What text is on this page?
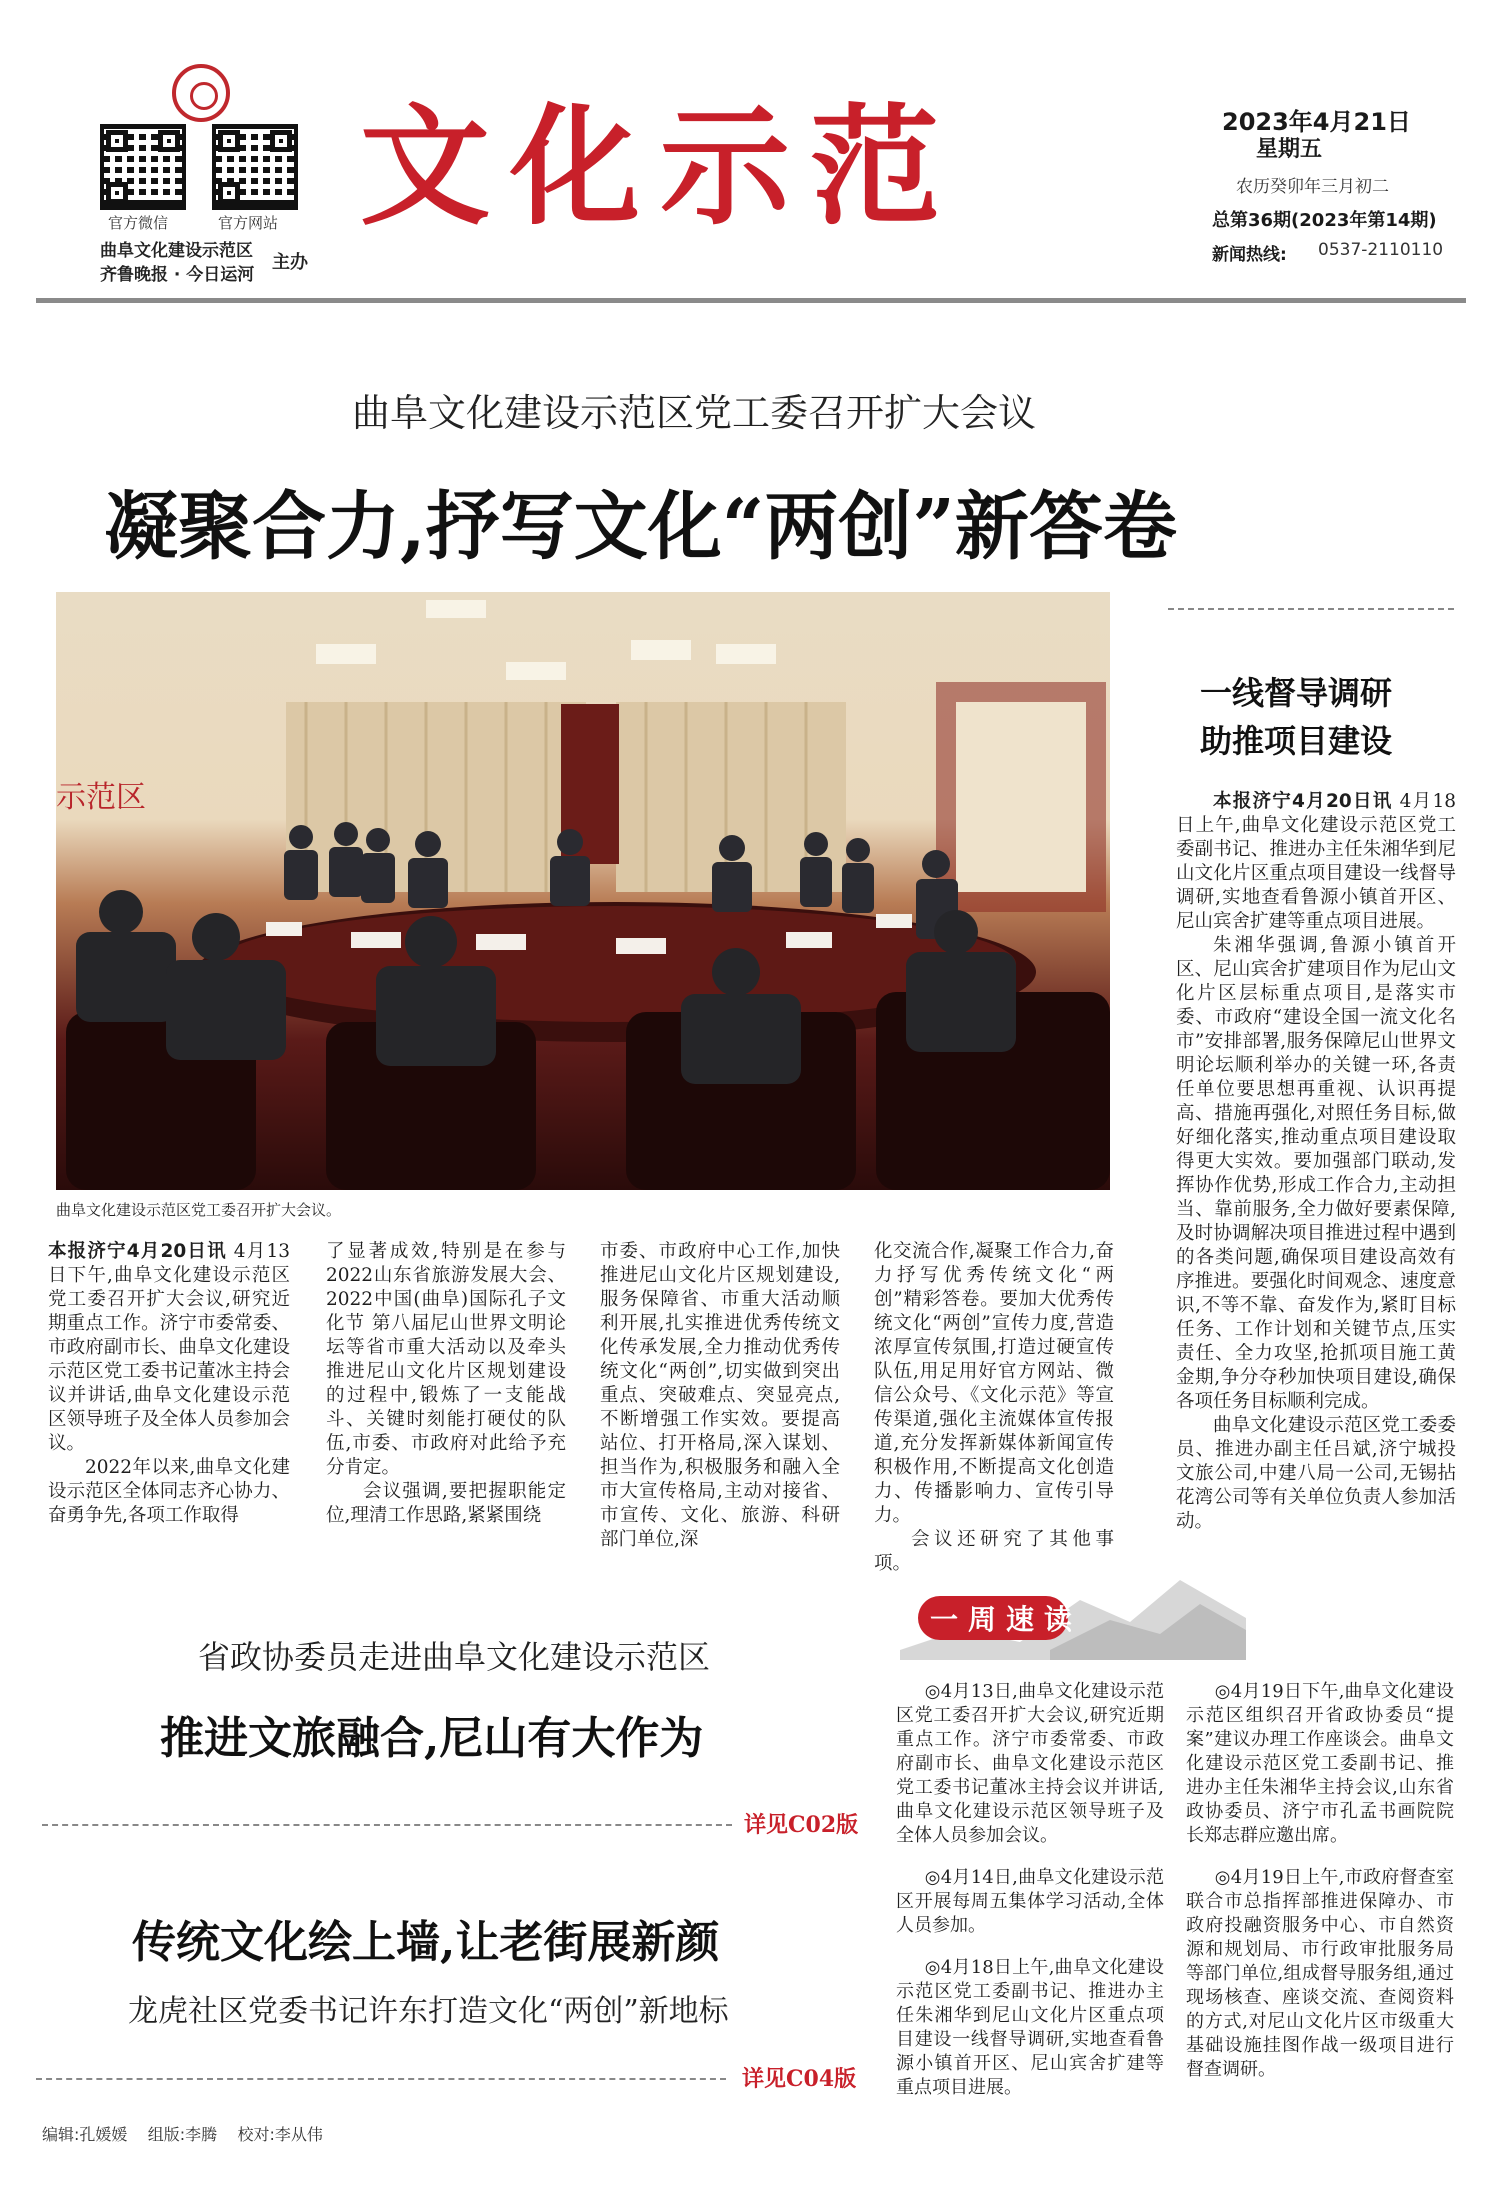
官方微信	官方网站
曲阜文化建设示范区
齐鲁晚报 · 今日运河
主办
文化示范	2023年4月21日
星期五
农历癸卯年三月初二
总第36期(2023年第14期)
新闻热线: 0537-2110110
曲阜文化建设示范区党工委召开扩大会议
凝聚合力,抒写文化“两创”新答卷
示范区
曲阜文化建设示范区党工委召开扩大会议。

本报济宁4月20日讯 4月13日下午,曲阜文化建设示范区党工委召开扩大会议,研究近期重点工作。济宁市委常委、市政府副市长、曲阜文化建设示范区党工委书记董冰主持会议并讲话,曲阜文化建设示范区领导班子及全体人员参加会议。

2022年以来,曲阜文化建设示范区全体同志齐心协力、奋勇争先,各项工作取得

了显著成效,特别是在参与2022山东省旅游发展大会、2022中国(曲阜)国际孔子文化节 第八届尼山世界文明论坛等省市重大活动以及牵头推进尼山文化片区规划建设的过程中,锻炼了一支能战斗、关键时刻能打硬仗的队伍,市委、市政府对此给予充分肯定。

会议强调,要把握职能定位,理清工作思路,紧紧围绕

市委、市政府中心工作,加快推进尼山文化片区规划建设,服务保障省、市重大活动顺利开展,扎实推进优秀传统文化传承发展,全力推动优秀传统文化“两创”,切实做到突出重点、突破难点、突显亮点,不断增强工作实效。要提高站位、打开格局,深入谋划、担当作为,积极服务和融入全市大宣传格局,主动对接省、市宣传、文化、旅游、科研部门单位,深

化交流合作,凝聚工作合力,奋力抒写优秀传统文化“两创”精彩答卷。要加大优秀传统文化“两创”宣传力度,营造浓厚宣传氛围,打造过硬宣传队伍,用足用好官方网站、微信公众号、《文化示范》等宣传渠道,强化主流媒体宣传报道,充分发挥新媒体新闻宣传积极作用,不断提高文化创造力、传播影响力、宣传引导力。

会议还研究了其他事项。

一线督导调研
助推项目建设

本报济宁4月20日讯 4月18日上午,曲阜文化建设示范区党工委副书记、推进办主任朱湘华到尼山文化片区重点项目建设一线督导调研,实地查看鲁源小镇首开区、尼山宾舍扩建等重点项目进展。

朱湘华强调,鲁源小镇首开区、尼山宾舍扩建项目作为尼山文化片区层标重点项目,是落实市委、市政府“建设全国一流文化名市”安排部署,服务保障尼山世界文明论坛顺利举办的关键一环,各责任单位要思想再重视、认识再提高、措施再强化,对照任务目标,做好细化落实,推动重点项目建设取得更大实效。要加强部门联动,发挥协作优势,形成工作合力,主动担当、靠前服务,全力做好要素保障,及时协调解决项目推进过程中遇到的各类问题,确保项目建设高效有序推进。要强化时间观念、速度意识,不等不靠、奋发作为,紧盯目标任务、工作计划和关键节点,压实责任、全力攻坚,抢抓项目施工黄金期,争分夺秒加快项目建设,确保各项任务目标顺利完成。

曲阜文化建设示范区党工委委员、推进办副主任吕斌,济宁城投文旅公司,中建八局一公司,无锡拈花湾公司等有关单位负责人参加活动。

省政协委员走进曲阜文化建设示范区
推进文旅融合,尼山有大作为
详见C02版
传统文化绘上墙,让老街展新颜
龙虎社区党委书记许东打造文化“两创”新地标
详见C04版
一周速读

◎4月13日,曲阜文化建设示范区党工委召开扩大会议,研究近期重点工作。济宁市委常委、市政府副市长、曲阜文化建设示范区党工委书记董冰主持会议并讲话,曲阜文化建设示范区领导班子及全体人员参加会议。

◎4月14日,曲阜文化建设示范区开展每周五集体学习活动,全体人员参加。

◎4月18日上午,曲阜文化建设示范区党工委副书记、推进办主任朱湘华到尼山文化片区重点项目建设一线督导调研,实地查看鲁源小镇首开区、尼山宾舍扩建等重点项目进展。

◎4月19日下午,曲阜文化建设示范区组织召开省政协委员“提案”建议办理工作座谈会。曲阜文化建设示范区党工委副书记、推进办主任朱湘华主持会议,山东省政协委员、济宁市孔孟书画院院长郑志群应邀出席。

◎4月19日上午,市政府督查室联合市总指挥部推进保障办、市政府投融资服务中心、市自然资源和规划局、市行政审批服务局等部门单位,组成督导服务组,通过现场核查、座谈交流、查阅资料的方式,对尼山文化片区市级重大基础设施挂图作战一级项目进行督查调研。

编辑:孔媛媛 组版:李腾 校对:李从伟
